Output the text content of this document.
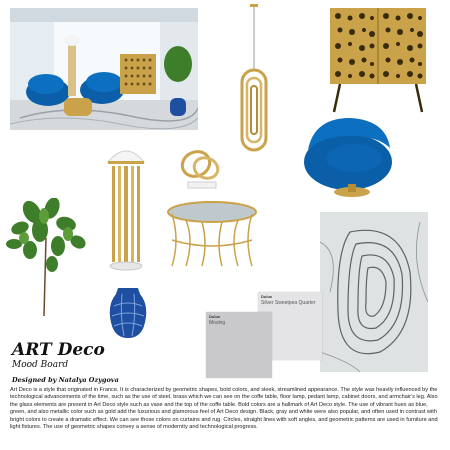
Dulux
Silver Sweetpea Quarter
Dulux
Mosing
ART Deco
Mood Board
Designed by Natalya Ozygova

Art Deco is a style that originated in France. It is characterized by geometric shapes, bold colors, and sleek, streamlined appearance. The style was heavily influenced by the technological advancements of the time, such as the use of steel, brass which we can see on the coffe table, floor lamp, pedant lamp, cabinet doors, and armchair's leg. Also the glass elements are present in Art Deco style such as vase and the top of the coffe table. Bold colors are a hallmark of Art Deco style. The use of vibrant hues as blue, green, and also metallic color such as gold add the luxurious and glamorous feel of Art Deco design. Black, gray and white were also popular, and often used in contrast with bright colors to create a dramatic effect. We can see those colors on curtains and rug. Circles, straight lines with soft angles, and geometric patterns are used in furniture and light fixtures. The use of geometric shapes convey a sense of modernity and technological progress.
